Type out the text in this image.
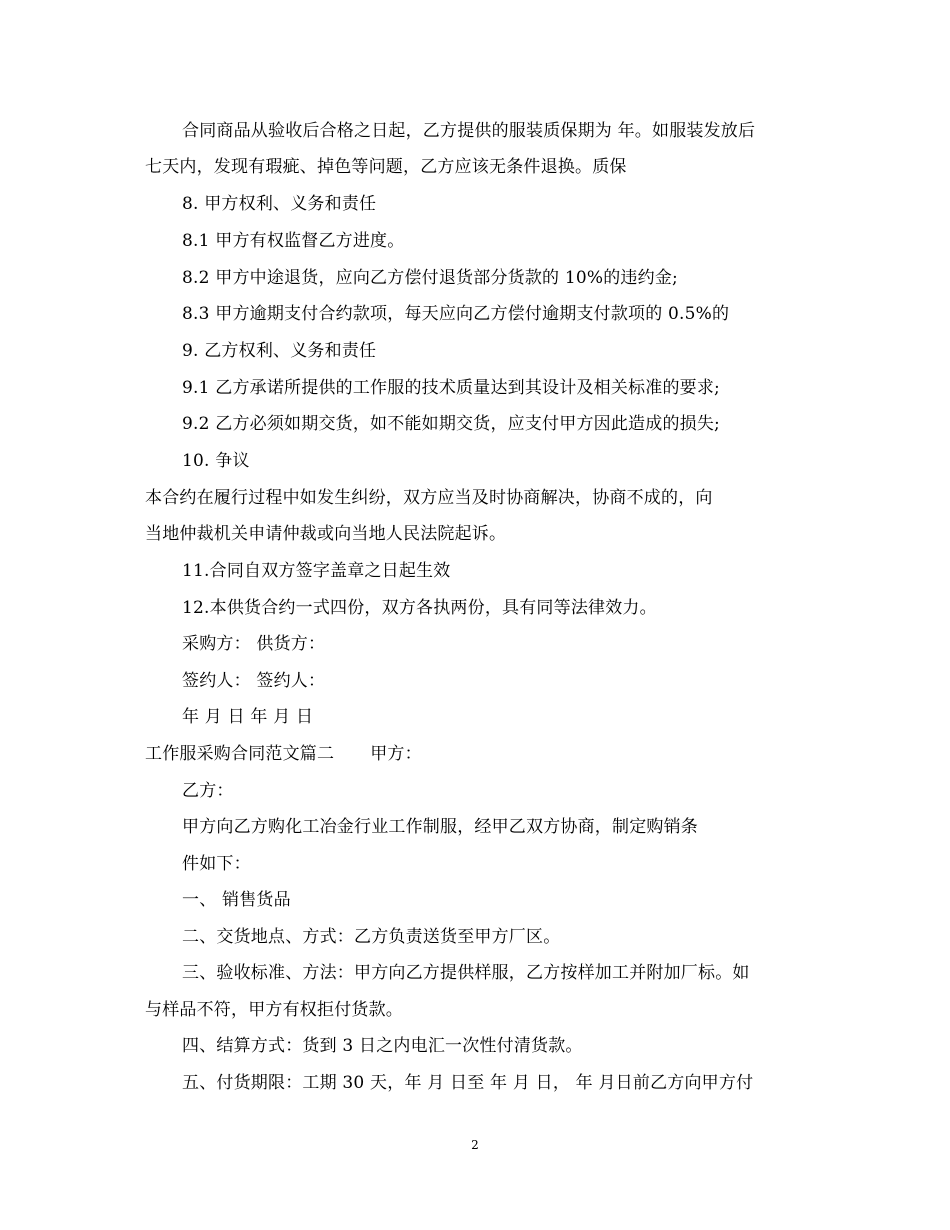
合同商品从验收后合格之日起，乙方提供的服装质保期为 年。如服装发放后
七天内，发现有瑕疵、掉色等问题，乙方应该无条件退换。质保
8. 甲方权利、义务和责任
8.1 甲方有权监督乙方进度。
8.2 甲方中途退货，应向乙方偿付退货部分货款的 10%的违约金;
8.3 甲方逾期支付合约款项，每天应向乙方偿付逾期支付款项的 0.5%的
9. 乙方权利、义务和责任
9.1 乙方承诺所提供的工作服的技术质量达到其设计及相关标准的要求;
9.2 乙方必须如期交货，如不能如期交货，应支付甲方因此造成的损失;
10. 争议
本合约在履行过程中如发生纠纷，双方应当及时协商解决，协商不成的，向
当地仲裁机关申请仲裁或向当地人民法院起诉。
11.合同自双方签字盖章之日起生效
12.本供货合约一式四份，双方各执两份，具有同等法律效力。
采购方： 供货方：
签约人： 签约人：
年 月 日 年 月 日
工作服采购合同范文篇二 甲方：
乙方：
甲方向乙方购化工冶金行业工作制服，经甲乙双方协商，制定购销条
件如下：
一、 销售货品
二、交货地点、方式：乙方负责送货至甲方厂区。
三、验收标准、方法：甲方向乙方提供样服，乙方按样加工并附加厂标。如
与样品不符，甲方有权拒付货款。
四、结算方式：货到 3 日之内电汇一次性付清货款。
五、付货期限：工期 30 天，年 月 日至 年 月 日， 年 月日前乙方向甲方付
2
